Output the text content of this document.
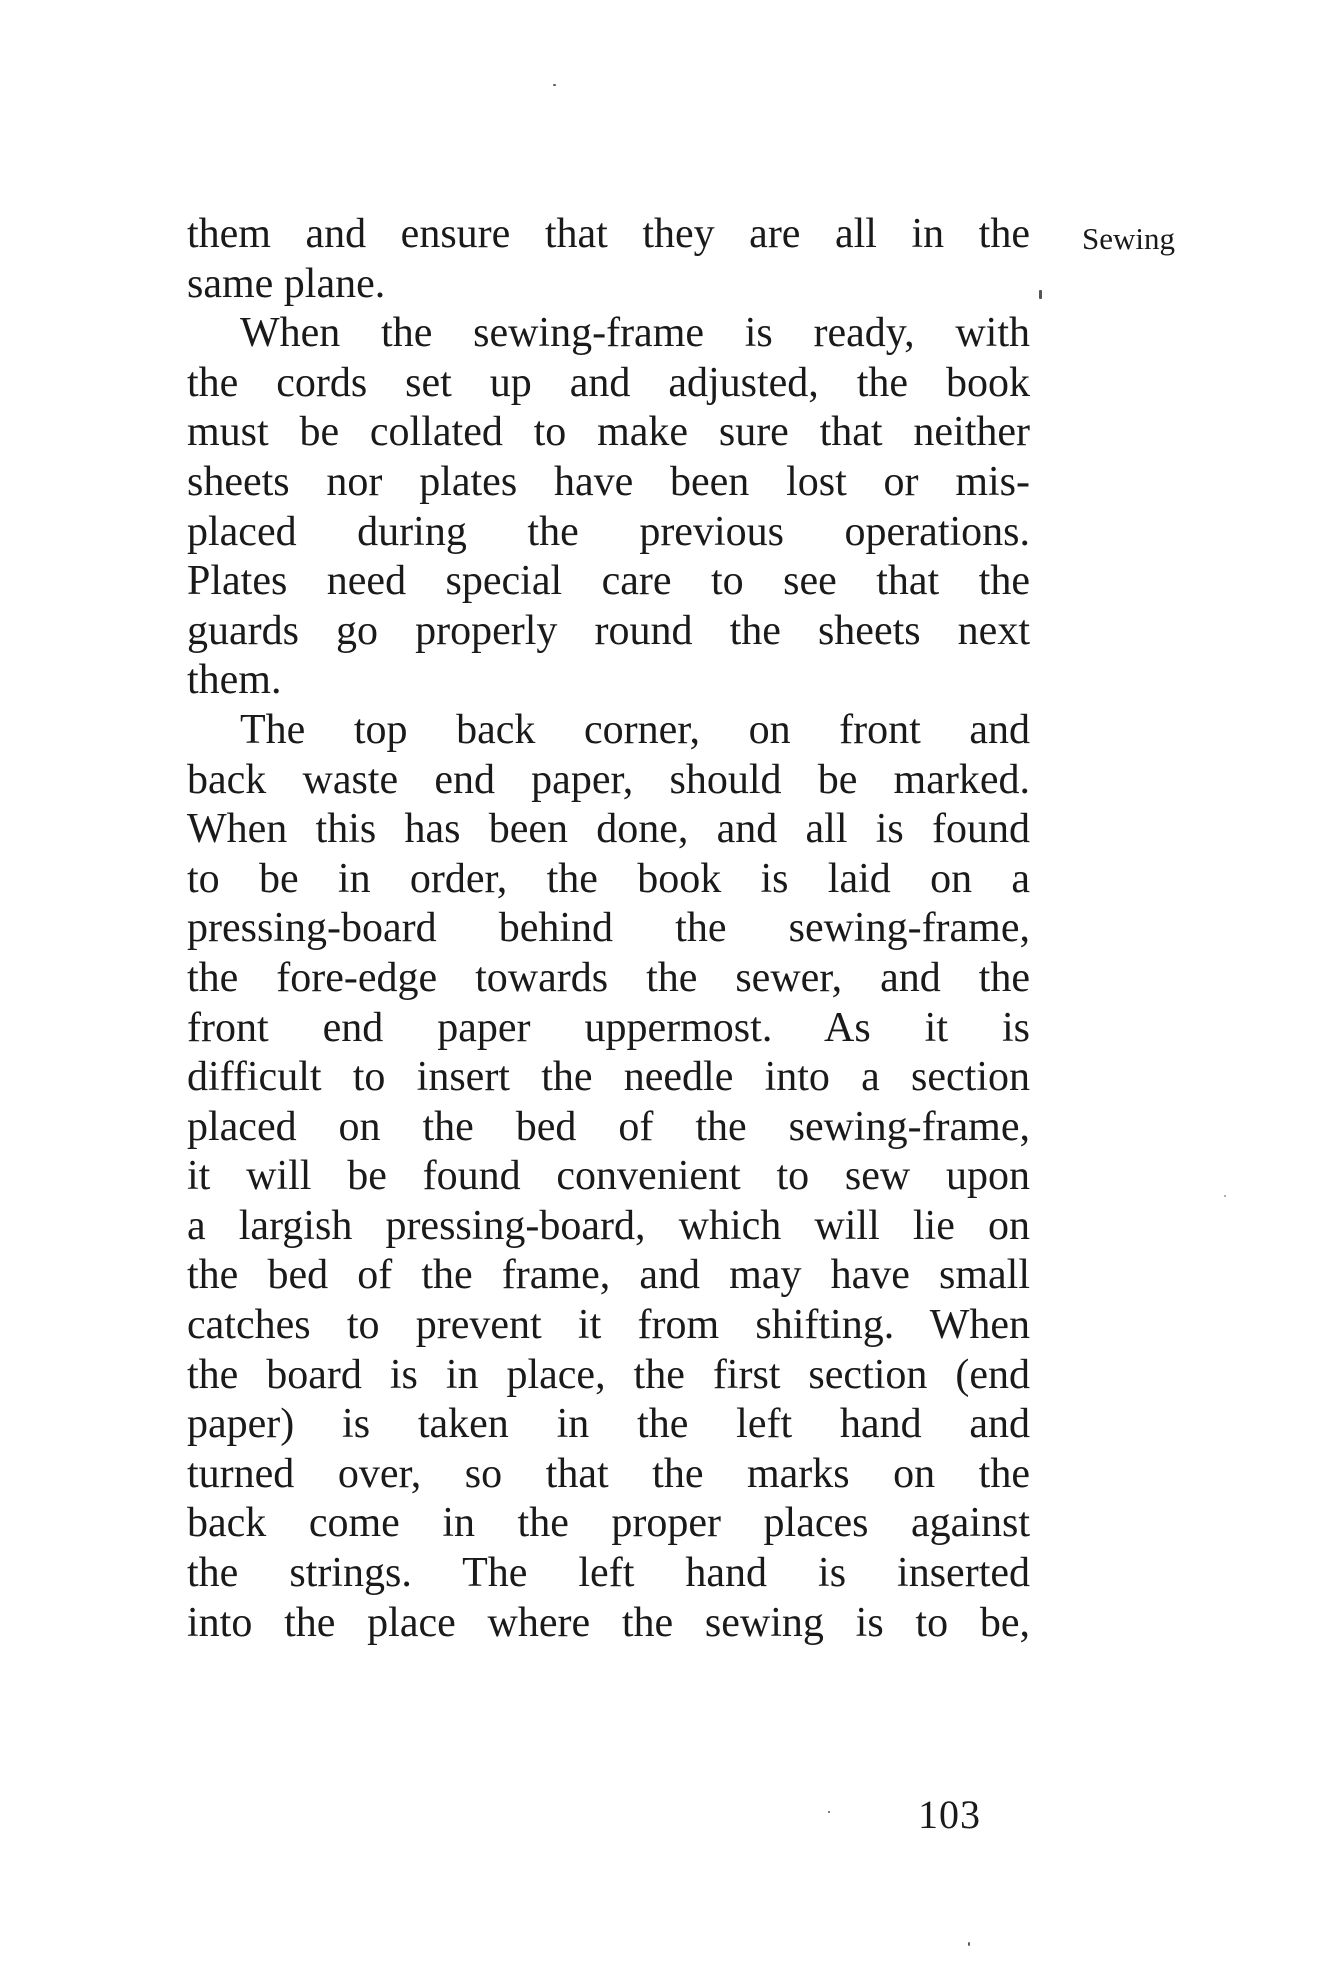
Sewing
them and ensure that they are all in the
same plane.
When the sewing-frame is ready, with
the cords set up and adjusted, the book
must be collated to make sure that neither
sheets nor plates have been lost or mis-
placed during the previous operations.
Plates need special care to see that the
guards go properly round the sheets next
them.
The top back corner, on front and
back waste end paper, should be marked.
When this has been done, and all is found
to be in order, the book is laid on a
pressing-board behind the sewing-frame,
the fore-edge towards the sewer, and the
front end paper uppermost. As it is
difficult to insert the needle into a section
placed on the bed of the sewing-frame,
it will be found convenient to sew upon
a largish pressing-board, which will lie on
the bed of the frame, and may have small
catches to prevent it from shifting. When
the board is in place, the first section (end
paper) is taken in the left hand and
turned over, so that the marks on the
back come in the proper places against
the strings. The left hand is inserted
into the place where the sewing is to be,
103
